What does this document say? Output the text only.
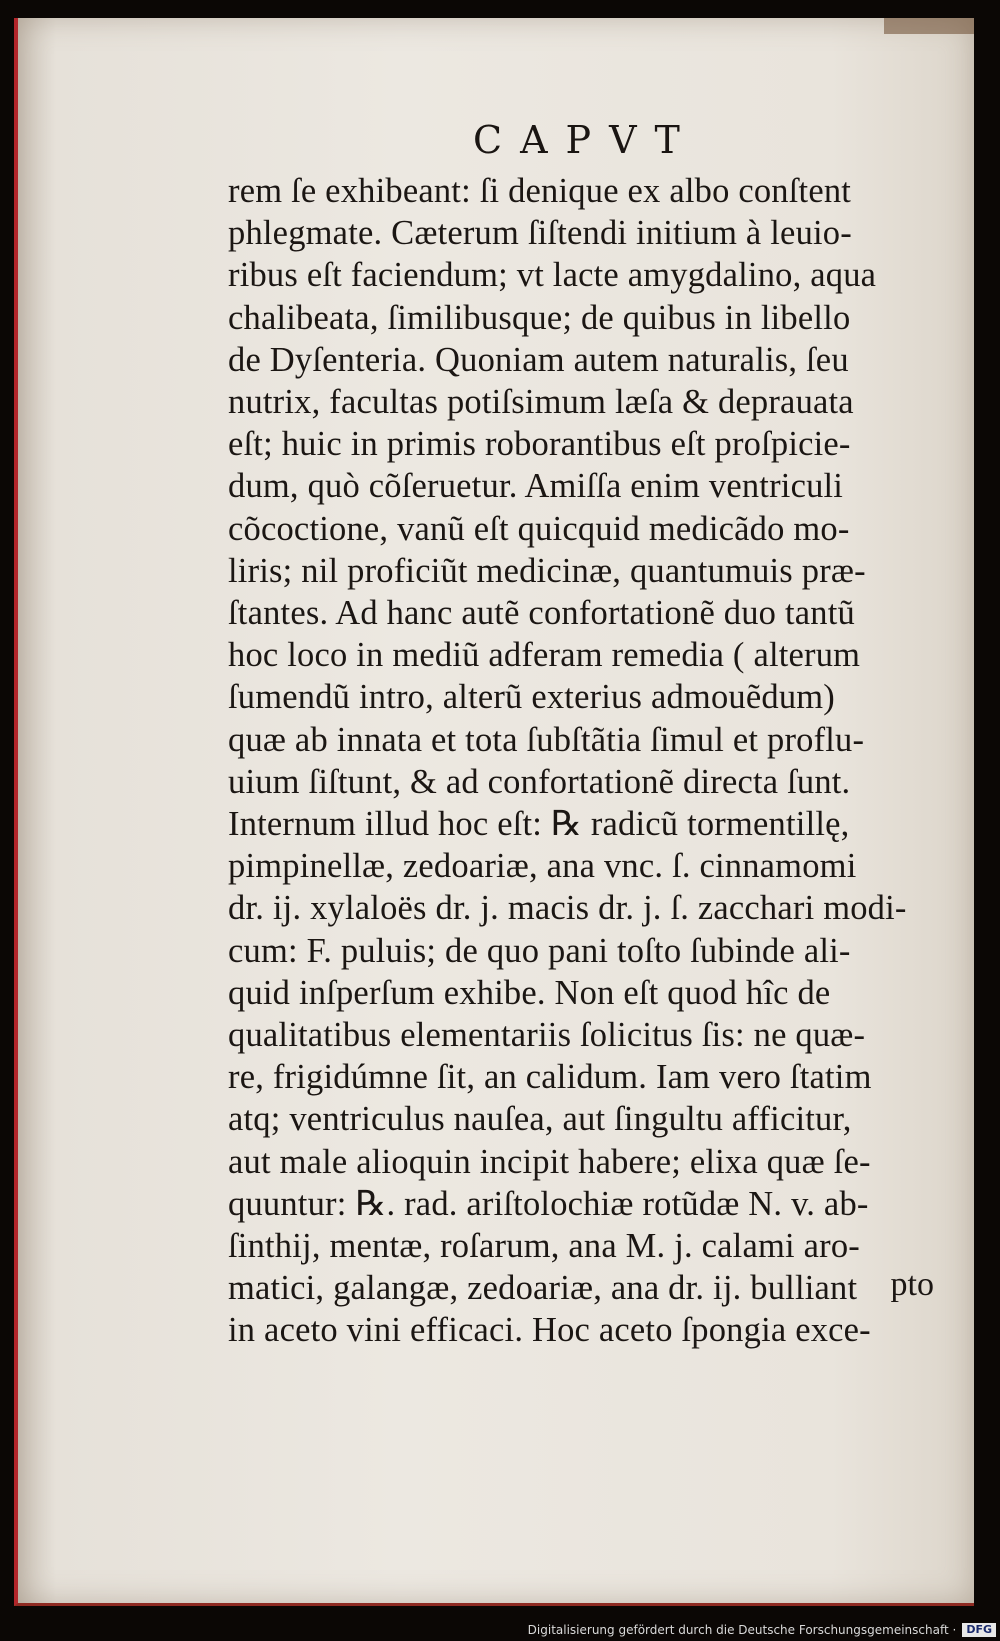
CAPVT
rem ſe exhibeant: ſi denique ex albo conſtent
phlegmate. Cæterum ſiſtendi initium à leuio-
ribus eſt faciendum; vt lacte amygdalino, aqua
chalibeata, ſimilibusque; de quibus in libello
de Dyſenteria. Quoniam autem naturalis, ſeu
nutrix, facultas potiſsimum læſa & deprauata
eſt; huic in primis roborantibus eſt proſpicie-
dum, quò cõſeruetur. Amiſſa enim ventriculi
cõcoctione, vanũ eſt quicquid medicãdo mo-
liris; nil proficiũt medicinæ, quantumuis præ-
ſtantes. Ad hanc autẽ confortationẽ duo tantũ
hoc loco in mediũ adferam remedia ( alterum
ſumendũ intro, alterũ exterius admouẽdum)
quæ ab innata et tota ſubſtãtia ſimul et proflu-
uium ſiſtunt, & ad confortationẽ directa ſunt.
Internum illud hoc eſt: ℞ radicũ tormentillę,
pimpinellæ, zedoariæ, ana vnc. ſ. cinnamomi
dr. ij. xylaloës dr. j. macis dr. j. ſ. zacchari modi-
cum: F. puluis; de quo pani toſto ſubinde ali-
quid inſperſum exhibe. Non eſt quod hîc de
qualitatibus elementariis ſolicitus ſis: ne quæ-
re, frigidúmne ſit, an calidum. Iam vero ſtatim
atq; ventriculus nauſea, aut ſingultu afficitur,
aut male alioquin incipit habere; elixa quæ ſe-
quuntur: ℞. rad. ariſtolochiæ rotũdæ N. v. ab-
ſinthij, mentæ, roſarum, ana M. j. calami aro-
matici, galangæ, zedoariæ, ana dr. ij. bulliant
in aceto vini efficaci. Hoc aceto ſpongia exce-
pto
Digitalisierung gefördert durch die Deutsche Forschungsgemeinschaft · DFG
